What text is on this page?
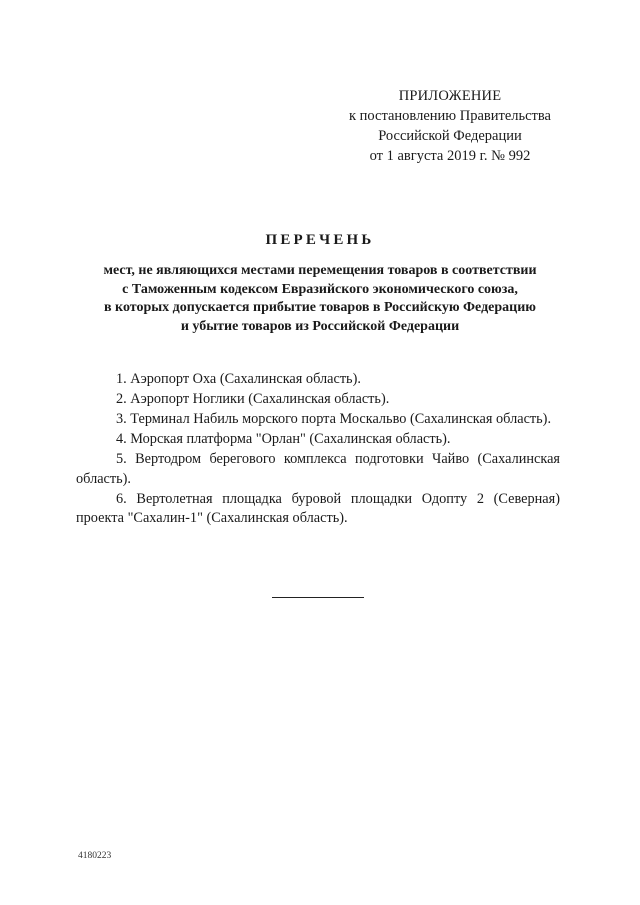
ПРИЛОЖЕНИЕ
к постановлению Правительства
Российской Федерации
от 1 августа 2019 г. № 992
ПЕРЕЧЕНЬ
мест, не являющихся местами перемещения товаров в соответствии
с Таможенным кодексом Евразийского экономического союза,
в которых допускается прибытие товаров в Российскую Федерацию
и убытие товаров из Российской Федерации

1. Аэропорт Оха (Сахалинская область).

2. Аэропорт Ноглики (Сахалинская область).

3. Терминал Набиль морского порта Москальво (Сахалинская область).

4. Морская платформа "Орлан" (Сахалинская область).

5. Вертодром берегового комплекса подготовки Чайво (Сахалинская область).

6. Вертолетная площадка буровой площадки Одопту 2 (Северная) проекта "Сахалин-1" (Сахалинская область).

4180223
